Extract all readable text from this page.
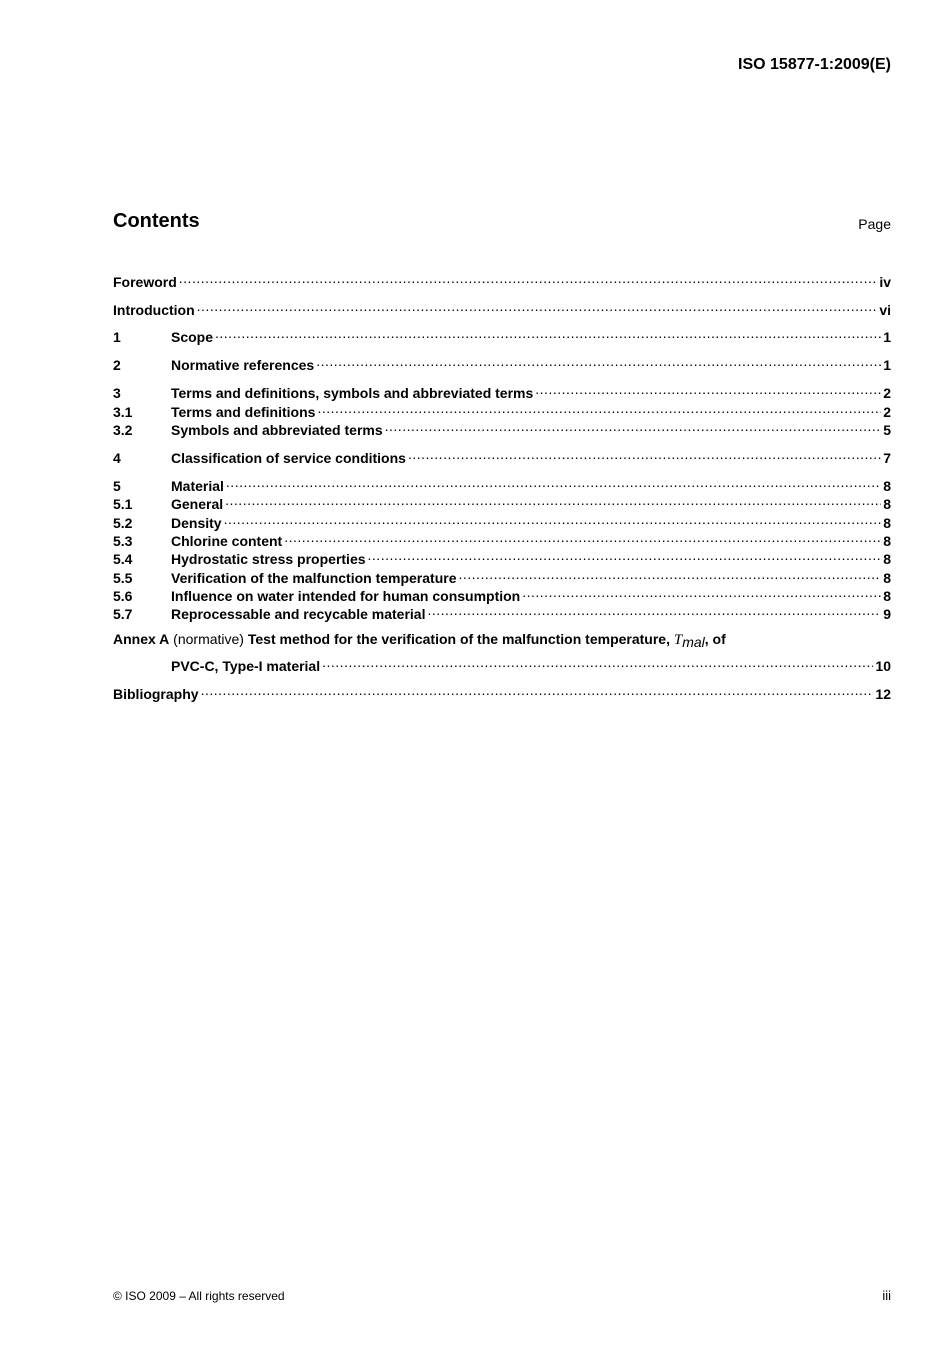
ISO 15877-1:2009(E)
Contents	Page
Foreword .....	iv
Introduction .....	vi
1	Scope .....	1
2	Normative references .....	1
3	Terms and definitions, symbols and abbreviated terms .....	2
3.1	Terms and definitions .....	2
3.2	Symbols and abbreviated terms .....	5
4	Classification of service conditions .....	7
5	Material .....	8
5.1	General .....	8
5.2	Density .....	8
5.3	Chlorine content .....	8
5.4	Hydrostatic stress properties .....	8
5.5	Verification of the malfunction temperature .....	8
5.6	Influence on water intended for human consumption .....	8
5.7	Reprocessable and recycable material .....	9
Annex A (normative) Test method for the verification of the malfunction temperature, Tmal, of
PVC-C, Type-I material .....	10
Bibliography .....	12
© ISO 2009 – All rights reserved	iii
